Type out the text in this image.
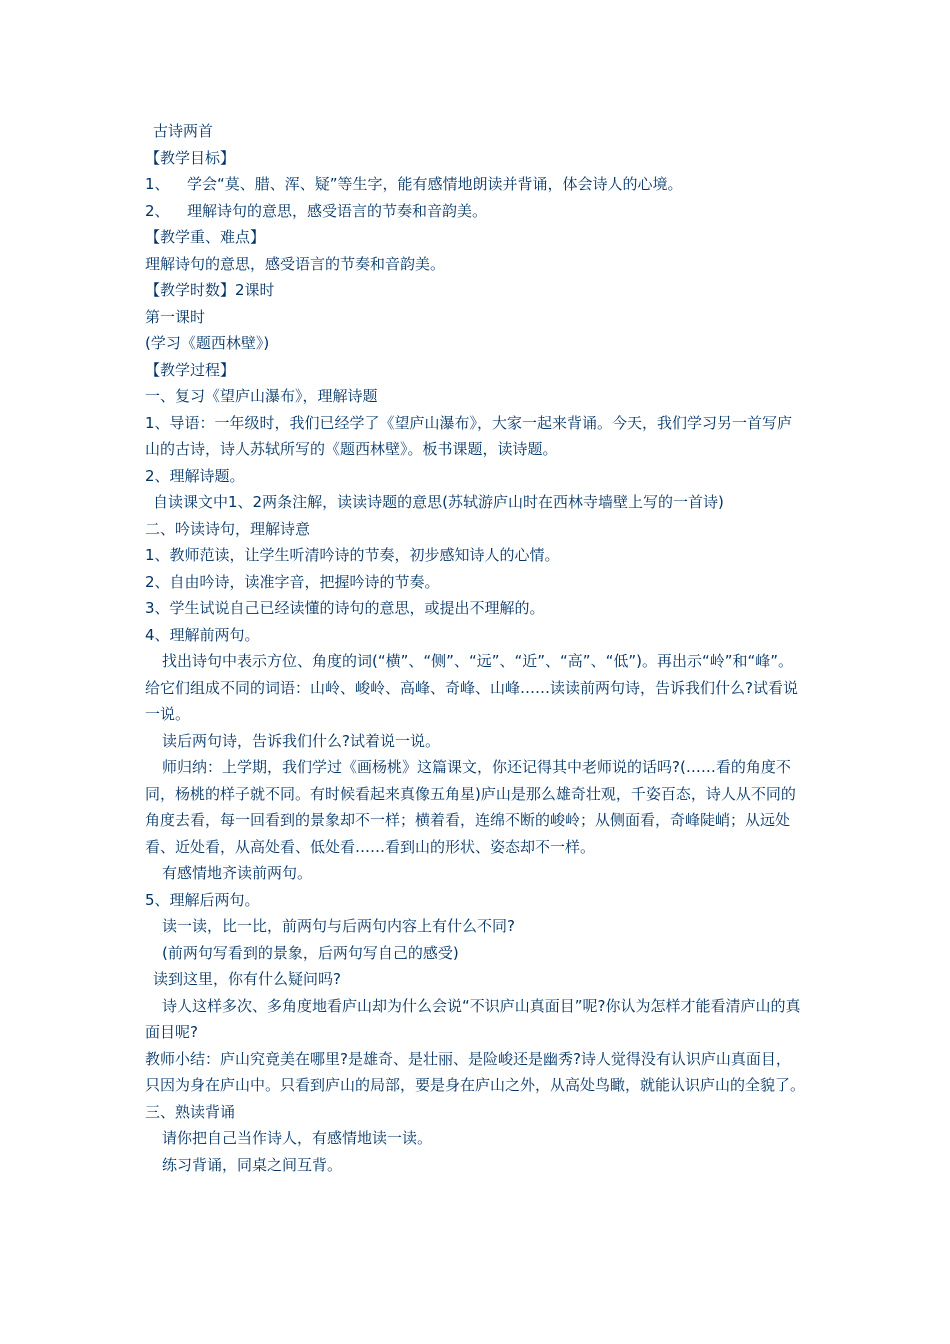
古诗两首

【教学目标】

1、 学会“莫、腊、浑、疑”等生字，能有感情地朗读并背诵，体会诗人的心境。

2、 理解诗句的意思，感受语言的节奏和音韵美。

【教学重、难点】

理解诗句的意思，感受语言的节奏和音韵美。

【教学时数】2课时

第一课时

(学习《题西林壁》)

【教学过程】

一、复习《望庐山瀑布》，理解诗题

1、导语：一年级时，我们已经学了《望庐山瀑布》，大家一起来背诵。今天，我们学习另一首写庐山的古诗，诗人苏轼所写的《题西林壁》。板书课题，读诗题。

2、理解诗题。

自读课文中1、2两条注解，读读诗题的意思(苏轼游庐山时在西林寺墙壁上写的一首诗)

二、吟读诗句，理解诗意

1、教师范读，让学生听清吟诗的节奏，初步感知诗人的心情。

2、自由吟诗，读准字音，把握吟诗的节奏。

3、学生试说自己已经读懂的诗句的意思，或提出不理解的。

4、理解前两句。

找出诗句中表示方位、角度的词(“横”、“侧”、“远”、“近”、“高”、“低”)。再出示“岭”和“峰”。给它们组成不同的词语：山岭、峻岭、高峰、奇峰、山峰……读读前两句诗，告诉我们什么?试看说一说。

读后两句诗，告诉我们什么?试着说一说。

师归纳：上学期，我们学过《画杨桃》这篇课文，你还记得其中老师说的话吗?(……看的角度不同，杨桃的样子就不同。有时候看起来真像五角星)庐山是那么雄奇壮观，千姿百态，诗人从不同的角度去看，每一回看到的景象却不一样；横着看，连绵不断的峻岭；从侧面看，奇峰陡峭；从远处看、近处看，从高处看、低处看……看到山的形状、姿态却不一样。

有感情地齐读前两句。

5、理解后两句。

读一读，比一比，前两句与后两句内容上有什么不同?

(前两句写看到的景象，后两句写自己的感受)

读到这里，你有什么疑问吗?

诗人这样多次、多角度地看庐山却为什么会说“不识庐山真面目”呢?你认为怎样才能看清庐山的真面目呢?

教师小结：庐山究竟美在哪里?是雄奇、是壮丽、是险峻还是幽秀?诗人觉得没有认识庐山真面目，只因为身在庐山中。只看到庐山的局部，要是身在庐山之外，从高处鸟瞰，就能认识庐山的全貌了。

三、熟读背诵

请你把自己当作诗人，有感情地读一读。

练习背诵，同桌之间互背。
